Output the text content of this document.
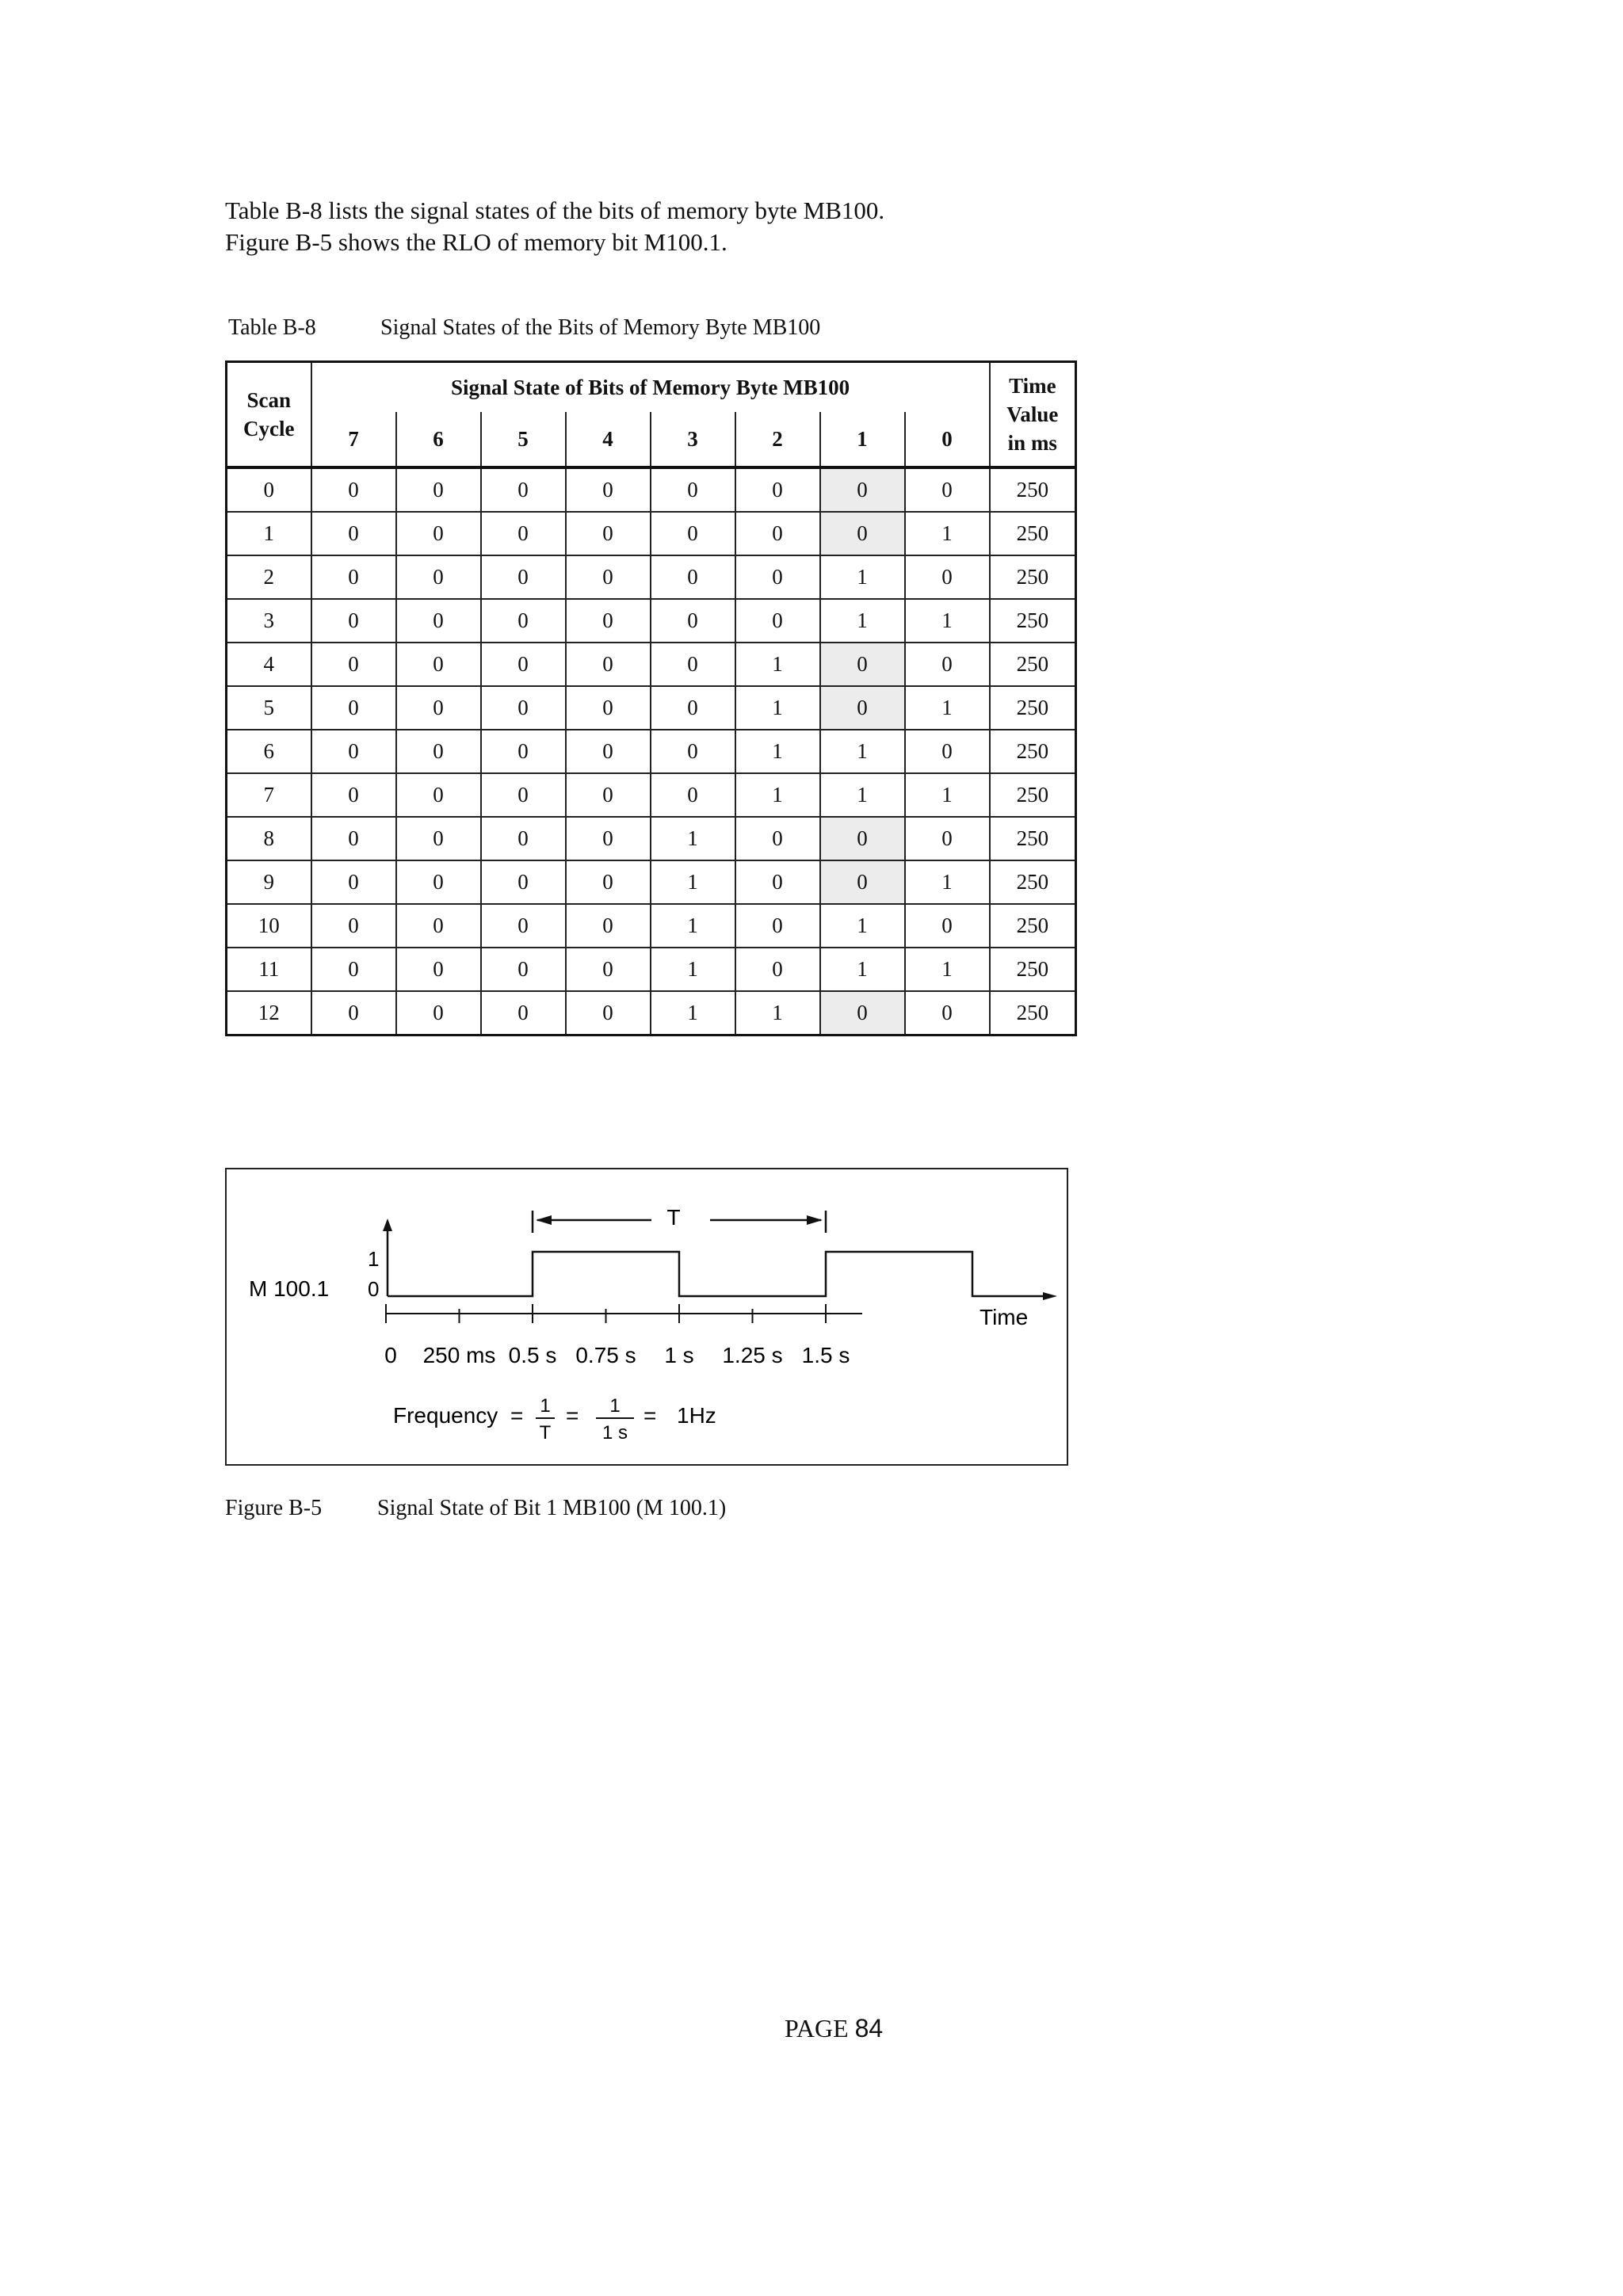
Table B-8 lists the signal states of the bits of memory byte MB100.

Figure B-5 shows the RLO of memory bit M100.1.

Table B-8	Signal States of the Bits of Memory Byte MB100
Scan
Cycle	Signal State of Bits of Memory Byte MB100								Time
Value
in ms
	7	6	5	4	3	2	1	0	
0	0	0	0	0	0	0	0	0	250
1	0	0	0	0	0	0	0	1	250
2	0	0	0	0	0	0	1	0	250
3	0	0	0	0	0	0	1	1	250
4	0	0	0	0	0	1	0	0	250
5	0	0	0	0	0	1	0	1	250
6	0	0	0	0	0	1	1	0	250
7	0	0	0	0	0	1	1	1	250
8	0	0	0	0	1	0	0	0	250
9	0	0	0	0	1	0	0	1	250
10	0	0	0	0	1	0	1	0	250
11	0	0	0	0	1	0	1	1	250
12	0	0	0	0	1	1	0	0	250
M 100.1
1
0
Time
T
0 250 ms 0.5 s 0.75 s 1 s 1.25 s 1.5 s
Frequency = 1
T
= 1
1 s
= 1Hz
Figure B-5 Signal State of Bit 1 MB100 (M 100.1)
PAGE 84
